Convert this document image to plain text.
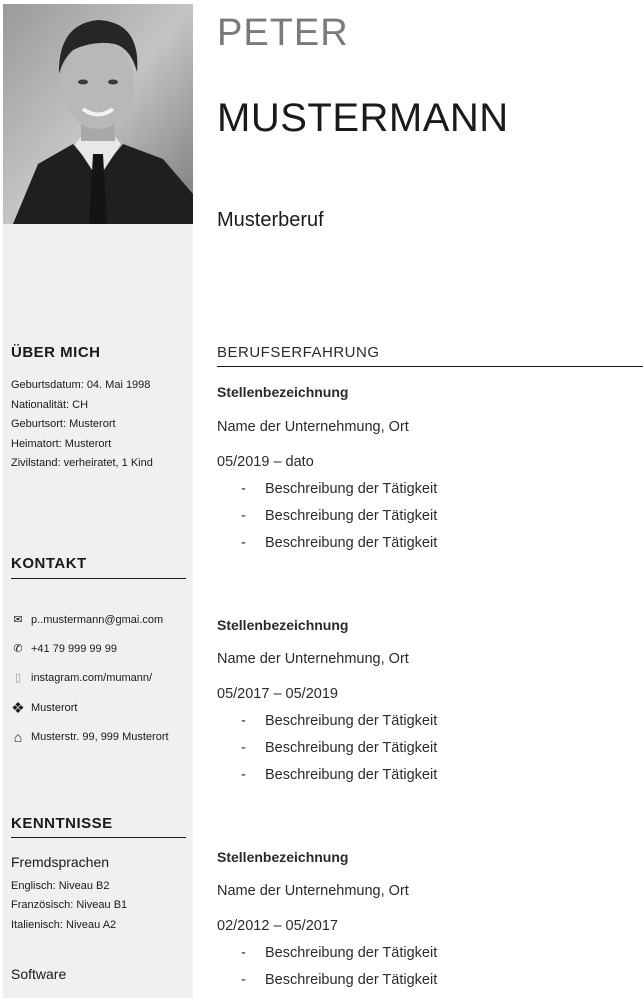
ÜBER MICH
Geburtsdatum: 04. Mai 1998
Nationalität: CH
Geburtsort: Musterort
Heimatort: Musterort
Zivilstand: verheiratet, 1 Kind
KONTAKT
✉ p..mustermann@gmai.com
✆ +41 79 999 99 99
▯ instagram.com/mumann/
❖ Musterort
⌂ Musterstr. 99, 999 Musterort
KENNTNISSE
Fremdsprachen
Englisch: Niveau B2
Französisch: Niveau B1
Italienisch: Niveau A2
Software
PETER
MUSTERMANN
Musterberuf
BERUFSERFAHRUNG
Stellenbezeichnung
Name der Unternehmung, Ort
05/2019 – dato
-	Beschreibung der Tätigkeit
-	Beschreibung der Tätigkeit
-	Beschreibung der Tätigkeit
Stellenbezeichnung
Name der Unternehmung, Ort
05/2017 – 05/2019
-	Beschreibung der Tätigkeit
-	Beschreibung der Tätigkeit
-	Beschreibung der Tätigkeit
Stellenbezeichnung
Name der Unternehmung, Ort
02/2012 – 05/2017
-	Beschreibung der Tätigkeit
-	Beschreibung der Tätigkeit
